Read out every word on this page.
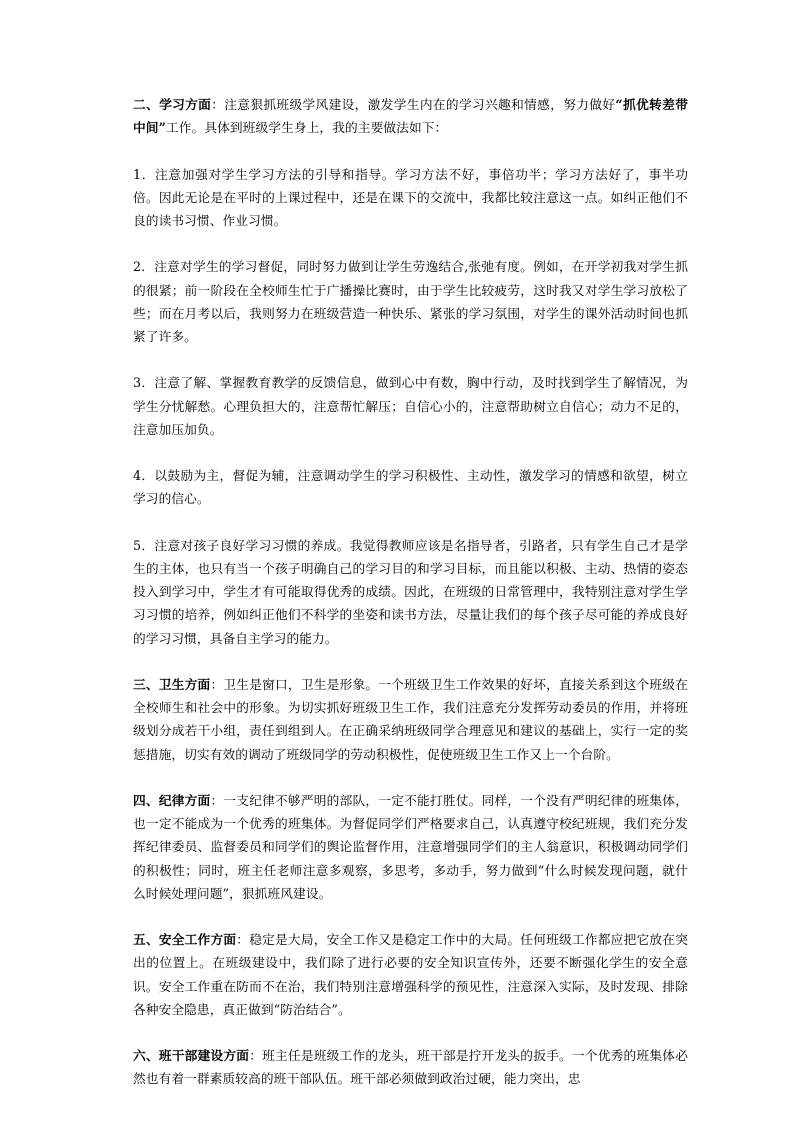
二、学习方面：注意狠抓班级学风建设，激发学生内在的学习兴趣和情感，努力做好“抓优转差带中间”工作。具体到班级学生身上，我的主要做法如下：

1．注意加强对学生学习方法的引导和指导。学习方法不好，事倍功半；学习方法好了，事半功倍。因此无论是在平时的上课过程中，还是在课下的交流中，我都比较注意这一点。如纠正他们不良的读书习惯、作业习惯。

2．注意对学生的学习督促，同时努力做到让学生劳逸结合,张弛有度。例如，在开学初我对学生抓的很紧；前一阶段在全校师生忙于广播操比赛时，由于学生比较疲劳，这时我又对学生学习放松了些；而在月考以后，我则努力在班级营造一种快乐、紧张的学习氛围，对学生的课外活动时间也抓紧了许多。

3．注意了解、掌握教育教学的反馈信息，做到心中有数，胸中行动，及时找到学生了解情况，为学生分忧解愁。心理负担大的，注意帮忙解压；自信心小的，注意帮助树立自信心；动力不足的，注意加压加负。

4．以鼓励为主，督促为辅，注意调动学生的学习积极性、主动性，激发学习的情感和欲望，树立学习的信心。

5．注意对孩子良好学习习惯的养成。我觉得教师应该是名指导者，引路者，只有学生自己才是学生的主体，也只有当一个孩子明确自己的学习目的和学习目标，而且能以积极、主动、热情的姿态投入到学习中，学生才有可能取得优秀的成绩。因此，在班级的日常管理中，我特别注意对学生学习习惯的培养，例如纠正他们不科学的坐姿和读书方法，尽量让我们的每个孩子尽可能的养成良好的学习习惯，具备自主学习的能力。

三、卫生方面：卫生是窗口，卫生是形象。一个班级卫生工作效果的好坏，直接关系到这个班级在全校师生和社会中的形象。为切实抓好班级卫生工作，我们注意充分发挥劳动委员的作用，并将班级划分成若干小组，责任到组到人。在正确采纳班级同学合理意见和建议的基础上，实行一定的奖惩措施，切实有效的调动了班级同学的劳动积极性，促使班级卫生工作又上一个台阶。

四、纪律方面：一支纪律不够严明的部队，一定不能打胜仗。同样，一个没有严明纪律的班集体，也一定不能成为一个优秀的班集体。为督促同学们严格要求自己，认真遵守校纪班规，我们充分发挥纪律委员、监督委员和同学们的舆论监督作用，注意增强同学们的主人翁意识，积极调动同学们的积极性；同时，班主任老师注意多观察，多思考，多动手，努力做到“什么时候发现问题，就什么时候处理问题”，狠抓班风建设。

五、安全工作方面：稳定是大局，安全工作又是稳定工作中的大局。任何班级工作都应把它放在突出的位置上。在班级建设中，我们除了进行必要的安全知识宣传外，还要不断强化学生的安全意识。安全工作重在防而不在治，我们特别注意增强科学的预见性，注意深入实际，及时发现、排除各种安全隐患，真正做到“防治结合”。

六、班干部建设方面：班主任是班级工作的龙头，班干部是拧开龙头的扳手。一个优秀的班集体必然也有着一群素质较高的班干部队伍。班干部必须做到政治过硬，能力突出，忠
